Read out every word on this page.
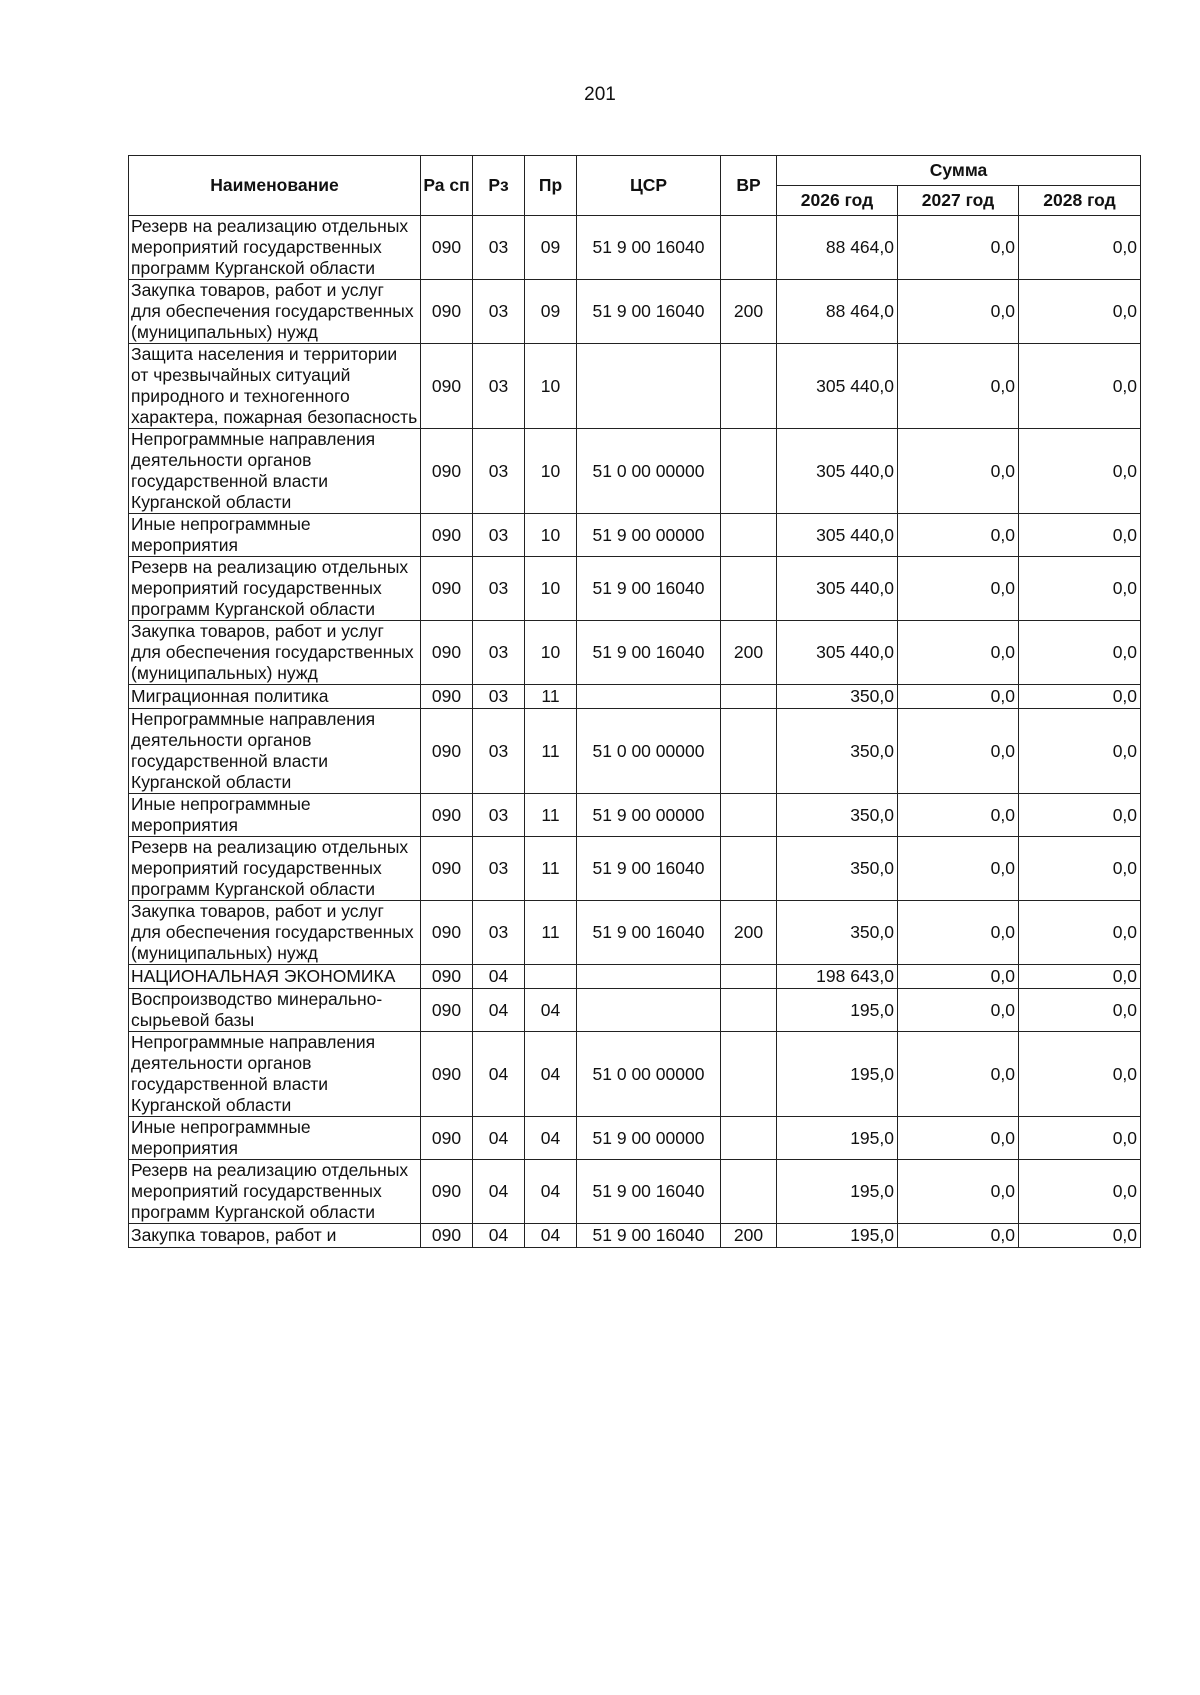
201
Наименование	Ра сп	Рз	Пр	ЦСР	ВР	Сумма		
						2026 год	2027 год	2028 год
Резерв на реализацию отдельных мероприятий государственных программ Курганской области	090	03	09	51 9 00 16040		88 464,0	0,0	0,0
Закупка товаров, работ и услуг для обеспечения государственных (муниципальных) нужд	090	03	09	51 9 00 16040	200	88 464,0	0,0	0,0
Защита населения и территории от чрезвычайных ситуаций природного и техногенного характера, пожарная безопасность	090	03	10			305 440,0	0,0	0,0
Непрограммные направления деятельности органов государственной власти Курганской области	090	03	10	51 0 00 00000		305 440,0	0,0	0,0
Иные непрограммные мероприятия	090	03	10	51 9 00 00000		305 440,0	0,0	0,0
Резерв на реализацию отдельных мероприятий государственных программ Курганской области	090	03	10	51 9 00 16040		305 440,0	0,0	0,0
Закупка товаров, работ и услуг для обеспечения государственных (муниципальных) нужд	090	03	10	51 9 00 16040	200	305 440,0	0,0	0,0
Миграционная политика	090	03	11			350,0	0,0	0,0
Непрограммные направления деятельности органов государственной власти Курганской области	090	03	11	51 0 00 00000		350,0	0,0	0,0
Иные непрограммные мероприятия	090	03	11	51 9 00 00000		350,0	0,0	0,0
Резерв на реализацию отдельных мероприятий государственных программ Курганской области	090	03	11	51 9 00 16040		350,0	0,0	0,0
Закупка товаров, работ и услуг для обеспечения государственных (муниципальных) нужд	090	03	11	51 9 00 16040	200	350,0	0,0	0,0
НАЦИОНАЛЬНАЯ ЭКОНОМИКА	090	04				198 643,0	0,0	0,0
Воспроизводство минерально-сырьевой базы	090	04	04			195,0	0,0	0,0
Непрограммные направления деятельности органов государственной власти Курганской области	090	04	04	51 0 00 00000		195,0	0,0	0,0
Иные непрограммные мероприятия	090	04	04	51 9 00 00000		195,0	0,0	0,0
Резерв на реализацию отдельных мероприятий государственных программ Курганской области	090	04	04	51 9 00 16040		195,0	0,0	0,0
Закупка товаров, работ и	090	04	04	51 9 00 16040	200	195,0	0,0	0,0
